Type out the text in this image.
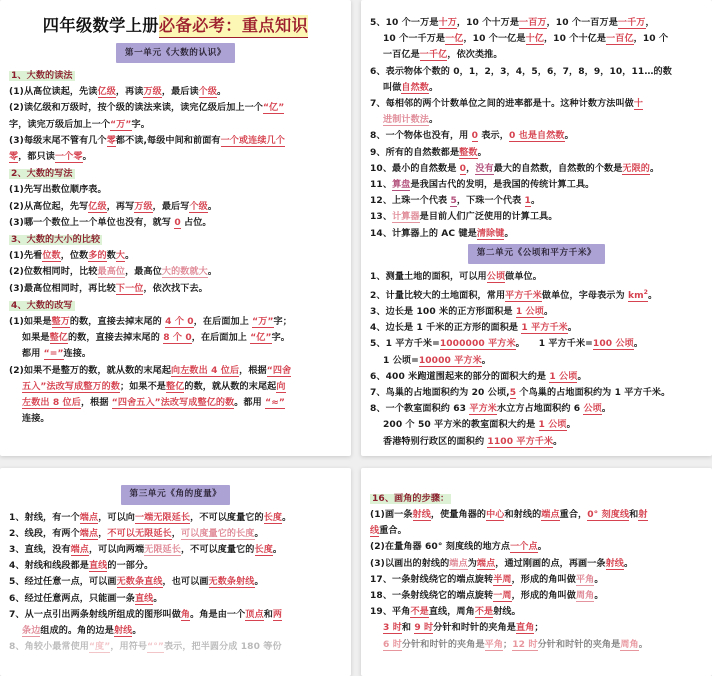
四年级数学上册必备必考：重点知识
第一单元《大数的认识》
1、大数的读法
(1)从高位读起，先读亿级，再读万级，最后读个级。
(2)读亿级和万级时，按个级的读法来读，读完亿级后加上一个“亿”
字，读完万级后加上一个“万”字。
(3)每级末尾不管有几个零都不读,每级中间和前面有一个或连续几个
零，都只读一个零。
2、大数的写法
(1)先写出数位顺序表。
(2)从高位起，先写亿级，再写万级，最后写个级。
(3)哪一个数位上一个单位也没有，就写 0 占位。
3、大数的大小的比较
(1)先看位数，位数多的数大。
(2)位数相同时，比较最高位，最高位大的数就大。
(3)最高位相同时，再比较下一位，依次找下去。
4、大数的改写
(1)如果是整万的数，直接去掉末尾的 4 个 0，在后面加上 “万”字；
如果是整亿的数，直接去掉末尾的 8 个 0，在后面加上 “亿”字。
都用 “=”连接。
(2)如果不是整万的数，就从数的末尾起向左数出 4 位后，根据“四舍
五入”法改写成整万的数；如果不是整亿的数，就从数的末尾起向
左数出 8 位后，根据 “四舍五入”法改写成整亿的数。都用 “≈”
连接。
5、10 个一万是十万，10 个十万是一百万，10 个一百万是一千万，
10 个一千万是一亿，10 个一亿是十亿，10 个十亿是一百亿，10 个
一百亿是一千亿，依次类推。
6、表示物体个数的 0，1，2，3，4，5，6，7，8，9，10，11…的数
叫做自然数。
7、每相邻的两个计数单位之间的进率都是十。这种计数方法叫做十
进制计数法。
8、一个物体也没有，用 0 表示，0 也是自然数。
9、所有的自然数都是整数。
10、最小的自然数是 0，没有最大的自然数，自然数的个数是无限的。
11、算盘是我国古代的发明，是我国的传统计算工具。
12、上珠一个代表 5，下珠一个代表 1。
13、计算器是目前人们广泛使用的计算工具。
14、计算器上的 AC 键是清除键。
第二单元《公顷和平方千米》
1、测量土地的面积，可以用公顷做单位。
2、计量比较大的土地面积，常用平方千米做单位，字母表示为 $km^2$。
3、边长是 100 米的正方形面积是 1 公顷。
4、边长是 1 千米的正方形的面积是 1 平方千米。
5、1 平方千米=1000000 平方米。　　1 平方千米=100 公顷。
1 公顷=10000 平方米。
6、400 米跑道围起来的部分的面积大约是 1 公顷。
7、鸟巢的占地面积约为 20 公顷,5 个鸟巢的占地面积约为 1 平方千米。
8、一个教室面积约 63 平方米水立方占地面积约 6 公顷。
200 个 50 平方米的教室面积大约是 1 公顷。
香港特别行政区的面积约 1100 平方千米。
第三单元《角的度量》
1、射线，有一个端点，可以向一端无限延长，不可以度量它的长度。
2、线段，有两个端点，不可以无限延长，可以度量它的长度。
3、直线，没有端点，可以向两端无限延长，不可以度量它的长度。
4、射线和线段都是直线的一部分。
5、经过任意一点，可以画无数条直线，也可以画无数条射线。
6、经过任意两点，只能画一条直线。
7、从一点引出两条射线所组成的图形叫做角。角是由一个顶点和两
条边组成的。角的边是射线。
8、角较小最常使用“度”，用符号“°”表示，把半圆分成 180 等份
16、画角的步骤：
(1)画一条射线，使量角器的中心和射线的端点重合，0° 刻度线和射
线重合。
(2)在量角器 60° 刻度线的地方点一个点。
(3)以画出的射线的端点为端点，通过刚画的点，再画一条射线。
17、一条射线绕它的端点旋转半周，形成的角叫做平角。
18、一条射线绕它的端点旋转一周，形成的角叫做周角。
19、平角不是直线，周角不是射线。
3 时和 9 时分针和时针的夹角是直角；
6 时分针和时针的夹角是平角；12 时分针和时针的夹角是周角。
